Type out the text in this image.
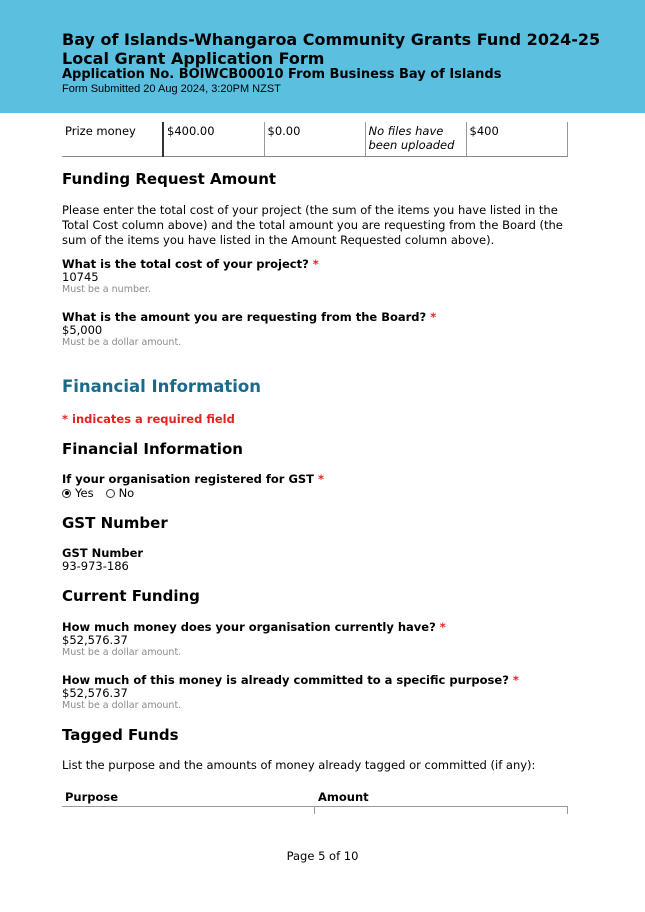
Bay of Islands-Whangaroa Community Grants Fund 2024-25 Local Grant Application Form
Application No. BOIWCB00010 From Business Bay of Islands
Form Submitted 20 Aug 2024, 3:20PM NZST
Prize money	$400.00	$0.00	No files have been uploaded	$400
Funding Request Amount
Please enter the total cost of your project (the sum of the items you have listed in the Total Cost column above) and the total amount you are requesting from the Board (the sum of the items you have listed in the Amount Requested column above).
What is the total cost of your project? *
10745
Must be a number.
What is the amount you are requesting from the Board? *
$5,000
Must be a dollar amount.
Financial Information
* indicates a required field
Financial Information
If your organisation registered for GST *
Yes No
GST Number
GST Number
93-973-186
Current Funding
How much money does your organisation currently have? *
$52,576.37
Must be a dollar amount.
How much of this money is already committed to a specific purpose? *
$52,576.37
Must be a dollar amount.
Tagged Funds
List the purpose and the amounts of money already tagged or committed (if any):
Purpose	Amount
Page 5 of 10
